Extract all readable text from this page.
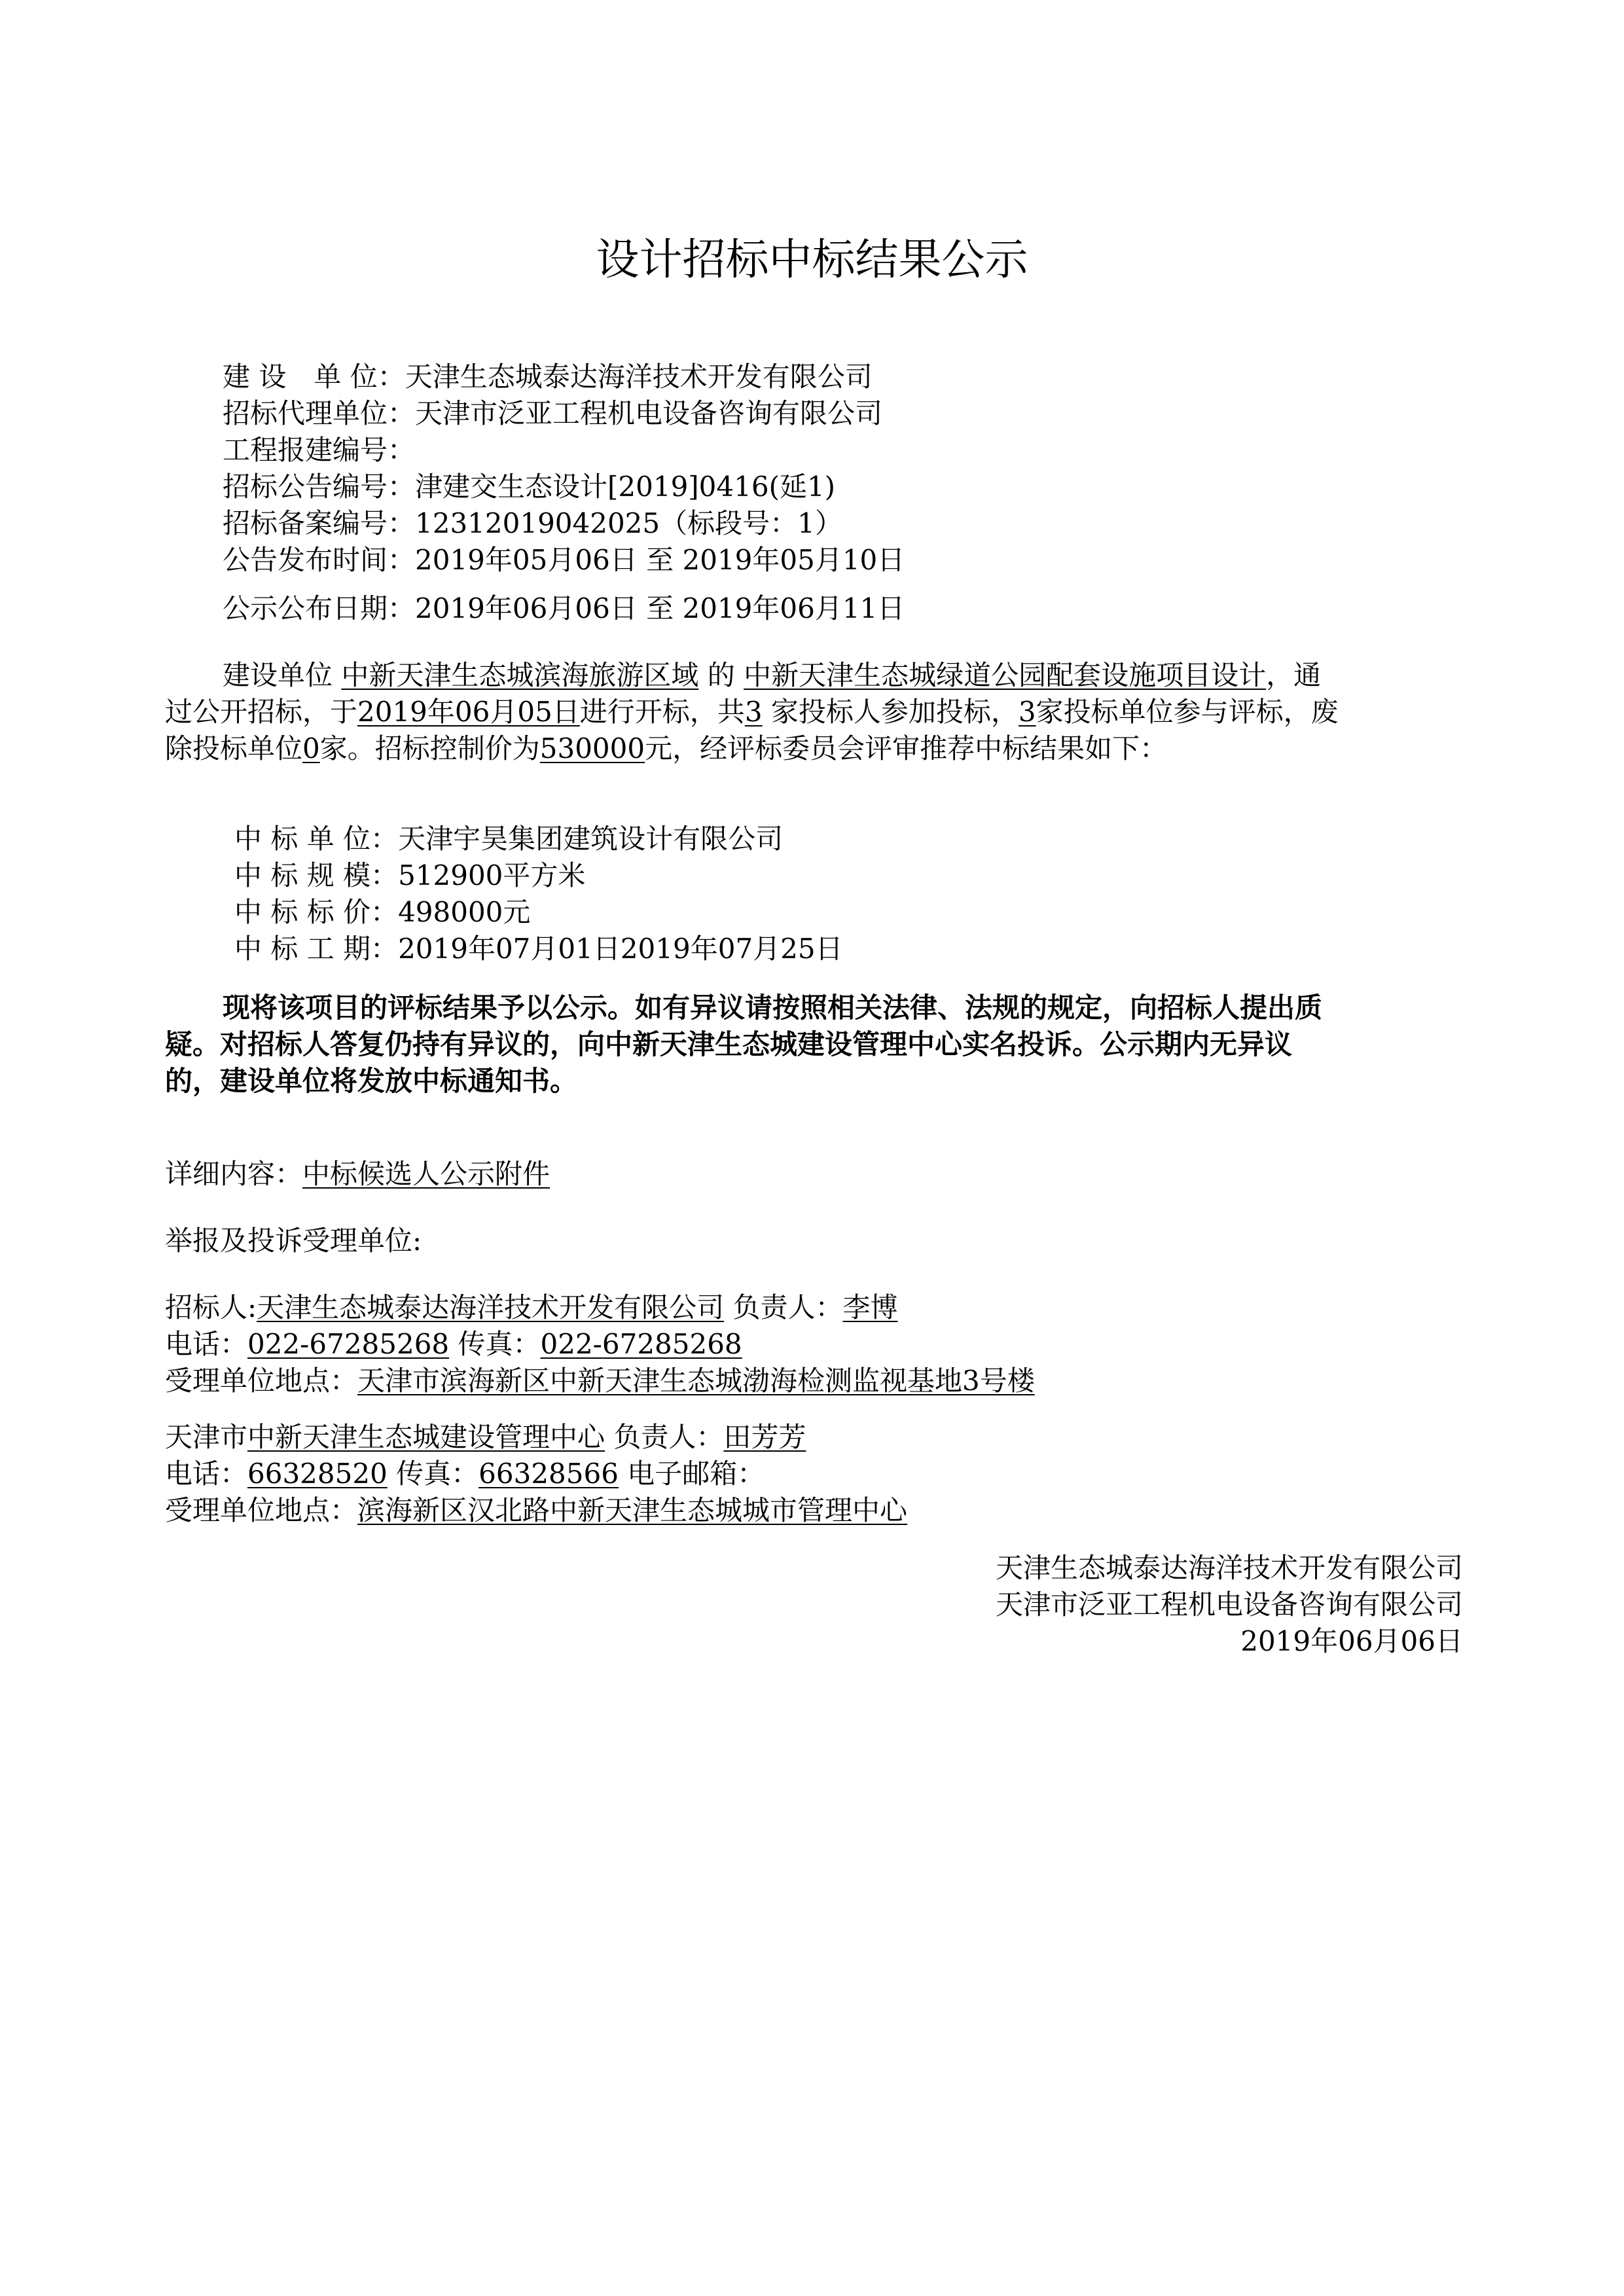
设计招标中标结果公示
建 设　单 位：天津生态城泰达海洋技术开发有限公司
招标代理单位：天津市泛亚工程机电设备咨询有限公司
工程报建编号：
招标公告编号：津建交生态设计[2019]0416(延1)
招标备案编号：12312019042025（标段号：1）
公告发布时间：2019年05月06日 至 2019年05月10日
公示公布日期：2019年06月06日 至 2019年06月11日
建设单位 中新天津生态城滨海旅游区域 的 中新天津生态城绿道公园配套设施项目设计，通
过公开招标，于2019年06月05日进行开标，共3 家投标人参加投标，3家投标单位参与评标，废
除投标单位0家。招标控制价为530000元，经评标委员会评审推荐中标结果如下：
中 标 单 位：天津宇昊集团建筑设计有限公司
中 标 规 模：512900平方米
中 标 标 价：498000元
中 标 工 期：2019年07月01日2019年07月25日
现将该项目的评标结果予以公示。如有异议请按照相关法律、法规的规定，向招标人提出质
疑。对招标人答复仍持有异议的，向中新天津生态城建设管理中心实名投诉。公示期内无异议
的，建设单位将发放中标通知书。
详细内容：中标候选人公示附件
举报及投诉受理单位:
招标人:天津生态城泰达海洋技术开发有限公司 负责人：李博
电话：022-67285268 传真：022-67285268
受理单位地点：天津市滨海新区中新天津生态城渤海检测监视基地3号楼
天津市中新天津生态城建设管理中心 负责人：田芳芳
电话：66328520 传真：66328566 电子邮箱：
受理单位地点：滨海新区汉北路中新天津生态城城市管理中心
天津生态城泰达海洋技术开发有限公司
天津市泛亚工程机电设备咨询有限公司
2019年06月06日
